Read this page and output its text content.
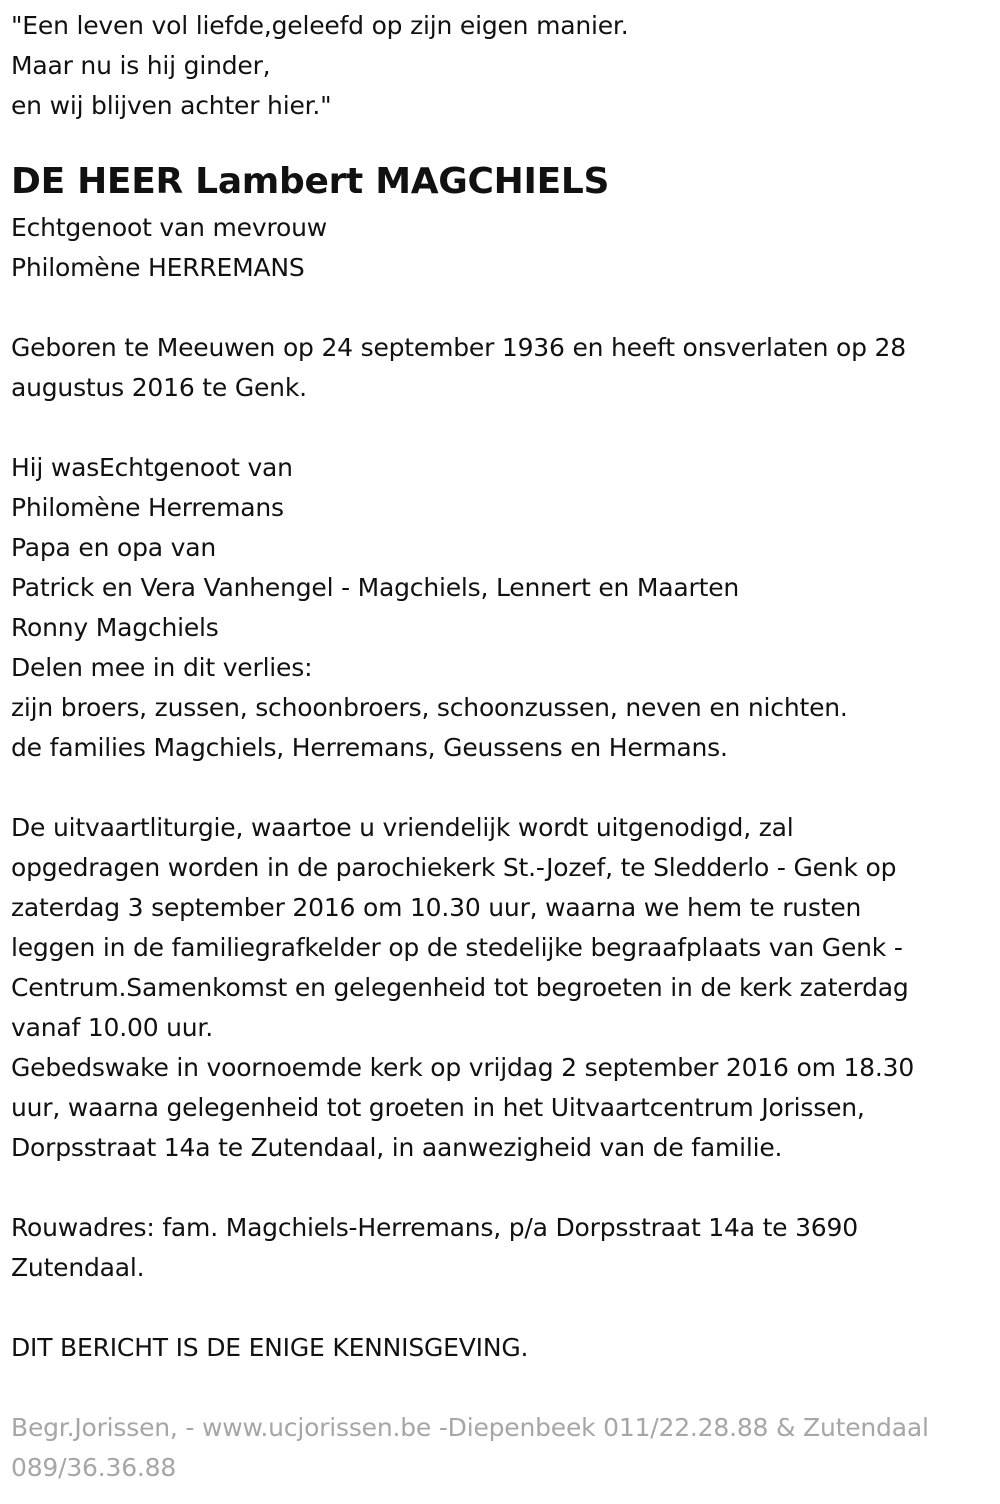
"Een leven vol liefde,geleefd op zijn eigen manier.
Maar nu is hij ginder,
en wij blijven achter hier."
DE HEER Lambert MAGCHIELS
Echtgenoot van mevrouw
Philomène HERREMANS
Geboren te Meeuwen op 24 september 1936 en heeft onsverlaten op 28
augustus 2016 te Genk.
Hij wasEchtgenoot van
Philomène Herremans
Papa en opa van
Patrick en Vera Vanhengel - Magchiels, Lennert en Maarten
Ronny Magchiels
Delen mee in dit verlies:
zijn broers, zussen, schoonbroers, schoonzussen, neven en nichten.
de families Magchiels, Herremans, Geussens en Hermans.
De uitvaartliturgie, waartoe u vriendelijk wordt uitgenodigd, zal
opgedragen worden in de parochiekerk St.-Jozef, te Sledderlo - Genk op
zaterdag 3 september 2016 om 10.30 uur, waarna we hem te rusten
leggen in de familiegrafkelder op de stedelijke begraafplaats van Genk -
Centrum.Samenkomst en gelegenheid tot begroeten in de kerk zaterdag
vanaf 10.00 uur.
Gebedswake in voornoemde kerk op vrijdag 2 september 2016 om 18.30
uur, waarna gelegenheid tot groeten in het Uitvaartcentrum Jorissen,
Dorpsstraat 14a te Zutendaal, in aanwezigheid van de familie.
Rouwadres: fam. Magchiels-Herremans, p/a Dorpsstraat 14a te 3690
Zutendaal.
DIT BERICHT IS DE ENIGE KENNISGEVING.
Begr.Jorissen, - www.ucjorissen.be -Diepenbeek 011/22.28.88 & Zutendaal
089/36.36.88
